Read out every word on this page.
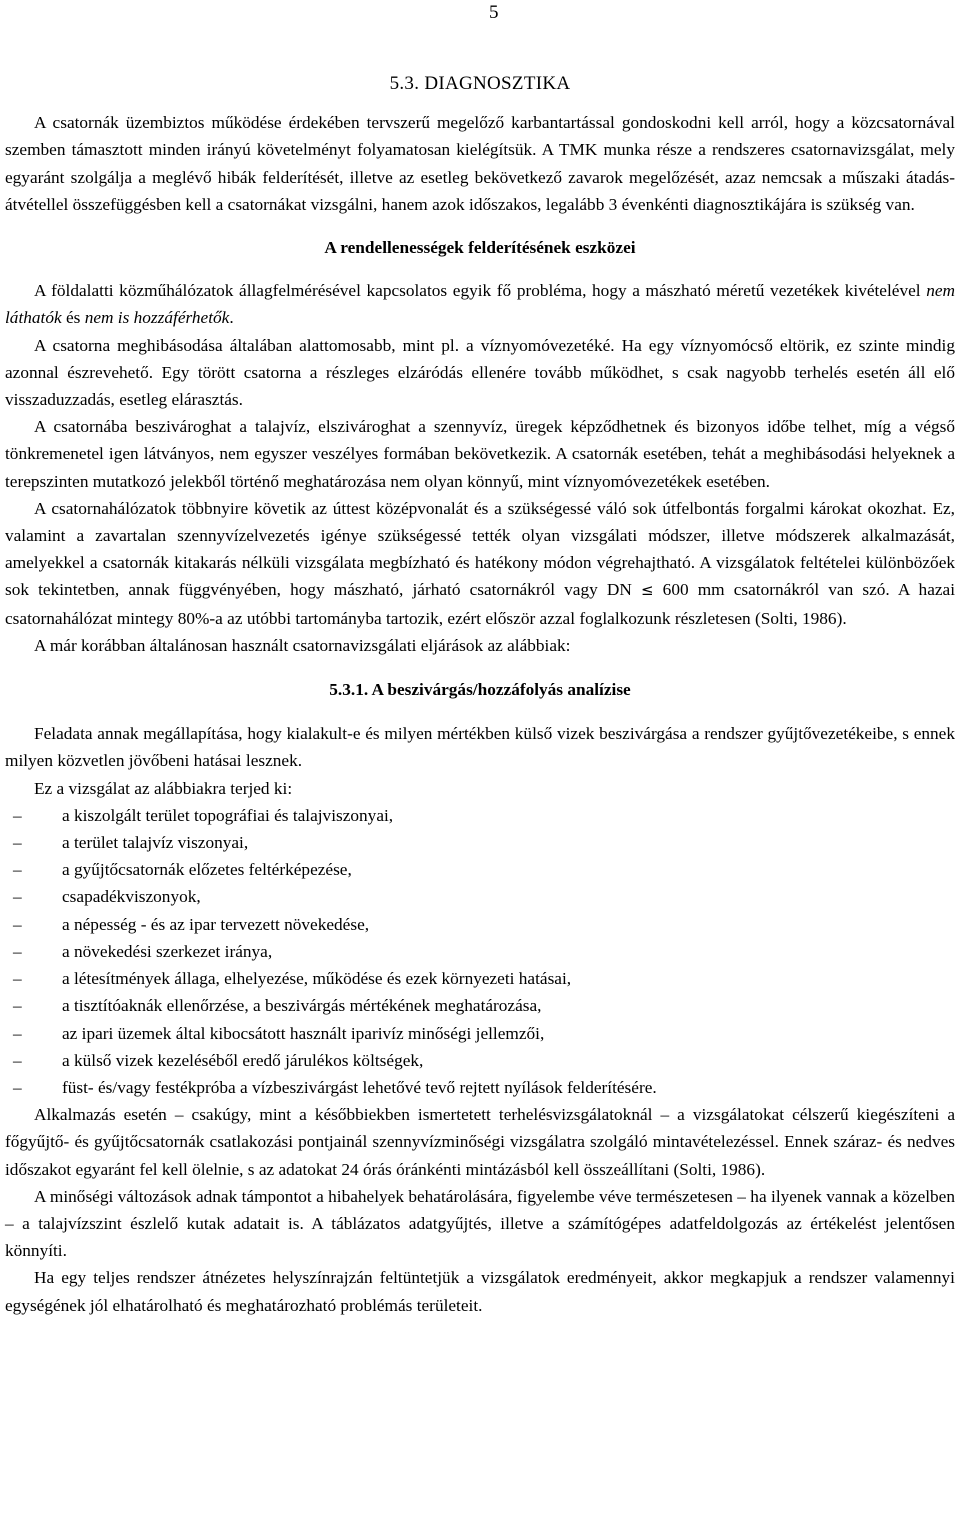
5
5.3. DIAGNOSZTIKA

A csatornák üzembiztos működése érdekében tervszerű megelőző karbantartással gondoskodni kell arról, hogy a közcsatornával szemben támasztott minden irányú követelményt folyamatosan kielégítsük. A TMK munka része a rendszeres csatornavizsgálat, mely egyaránt szolgálja a meglévő hibák felderítését, illetve az esetleg bekövetkező zavarok megelőzését, azaz nemcsak a műszaki átadás-átvétellel összefüggésben kell a csatornákat vizsgálni, hanem azok időszakos, legalább 3 évenkénti diagnosztikájára is szükség van.

A rendellenességek felderítésének eszközei

A földalatti közműhálózatok állagfelmérésével kapcsolatos egyik fő probléma, hogy a mászható méretű vezetékek kivételével nem láthatók és nem is hozzáférhetők.

A csatorna meghibásodása általában alattomosabb, mint pl. a víznyomóvezetéké. Ha egy víznyomócső eltörik, ez szinte mindig azonnal észrevehető. Egy törött csatorna a részleges elzáródás ellenére tovább működhet, s csak nagyobb terhelés esetén áll elő visszaduzzadás, esetleg elárasztás.

A csatornába beszivároghat a talajvíz, elszivároghat a szennyvíz, üregek képződhetnek és bizonyos időbe telhet, míg a végső tönkremenetel igen látványos, nem egyszer veszélyes formában bekövetkezik. A csatornák esetében, tehát a meghibásodási helyeknek a terepszinten mutatkozó jelekből történő meghatározása nem olyan könnyű, mint víznyomóvezetékek esetében.

A csatornahálózatok többnyire követik az úttest középvonalát és a szükségessé váló sok útfelbontás forgalmi károkat okozhat. Ez, valamint a zavartalan szennyvízelvezetés igénye szükségessé tették olyan vizsgálati módszer, illetve módszerek alkalmazását, amelyekkel a csatornák kitakarás nélküli vizsgálata megbízható és hatékony módon végrehajtható. A vizsgálatok feltételei különbözőek sok tekintetben, annak függvényében, hogy mászható, járható csatornákról vagy DN ≤ 600 mm csatornákról van szó. A hazai csatornahálózat mintegy 80%-a az utóbbi tartományba tartozik, ezért először azzal foglalkozunk részletesen (Solti, 1986).

A már korábban általánosan használt csatornavizsgálati eljárások az alábbiak:

5.3.1. A beszivárgás/hozzáfolyás analízise

Feladata annak megállapítása, hogy kialakult-e és milyen mértékben külső vizek beszivárgása a rendszer gyűjtővezetékeibe, s ennek milyen közvetlen jövőbeni hatásai lesznek.

Ez a vizsgálat az alábbiakra terjed ki:

– a kiszolgált terület topográfiai és talajviszonyai,
– a terület talajvíz viszonyai,
– a gyűjtőcsatornák előzetes feltérképezése,
– csapadékviszonyok,
– a népesség - és az ipar tervezett növekedése,
– a növekedési szerkezet iránya,
– a létesítmények állaga, elhelyezése, működése és ezek környezeti hatásai,
– a tisztítóaknák ellenőrzése, a beszivárgás mértékének meghatározása,
– az ipari üzemek által kibocsátott használt iparivíz minőségi jellemzői,
– a külső vizek kezeléséből eredő járulékos költségek,
– füst- és/vagy festékpróba a vízbeszivárgást lehetővé tevő rejtett nyílások felderítésére.

Alkalmazás esetén – csakúgy, mint a későbbiekben ismertetett terhelésvizsgálatoknál – a vizsgálatokat célszerű kiegészíteni a főgyűjtő- és gyűjtőcsatornák csatlakozási pontjainál szennyvízminőségi vizsgálatra szolgáló mintavételezéssel. Ennek száraz- és nedves időszakot egyaránt fel kell ölelnie, s az adatokat 24 órás óránkénti mintázásból kell összeállítani (Solti, 1986).

A minőségi változások adnak támpontot a hibahelyek behatárolására, figyelembe véve természetesen – ha ilyenek vannak a közelben – a talajvízszint észlelő kutak adatait is. A táblázatos adatgyűjtés, illetve a számítógépes adatfeldolgozás az értékelést jelentősen könnyíti.

Ha egy teljes rendszer átnézetes helyszínrajzán feltüntetjük a vizsgálatok eredményeit, akkor megkapjuk a rendszer valamennyi egységének jól elhatárolható és meghatározható problémás területeit.
